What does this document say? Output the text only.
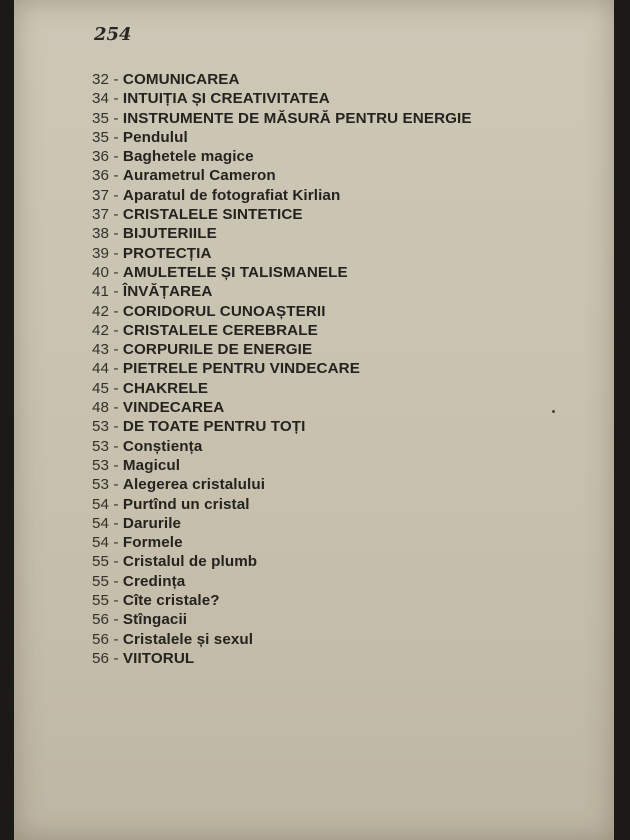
254

32 - COMUNICAREA
34 - INTUIȚIA ȘI CREATIVITATEA
35 - INSTRUMENTE DE MĂSURĂ PENTRU ENERGIE
35 - Pendulul
36 - Baghetele magice
36 - Aurametrul Cameron
37 - Aparatul de fotografiat Kirlian
37 - CRISTALELE SINTETICE
38 - BIJUTERIILE
39 - PROTECȚIA
40 - AMULETELE ȘI TALISMANELE
41 - ÎNVĂȚAREA
42 - CORIDORUL CUNOAȘTERII
42 - CRISTALELE CEREBRALE
43 - CORPURILE DE ENERGIE
44 - PIETRELE PENTRU VINDECARE
45 - CHAKRELE
48 - VINDECAREA
53 - DE TOATE PENTRU TOȚI
53 - Conștiența
53 - Magicul
53 - Alegerea cristalului
54 - Purtînd un cristal
54 - Darurile
54 - Formele
55 - Cristalul de plumb
55 - Credința
55 - Cîte cristale?
56 - Stîngacii
56 - Cristalele și sexul
56 - VIITORUL
